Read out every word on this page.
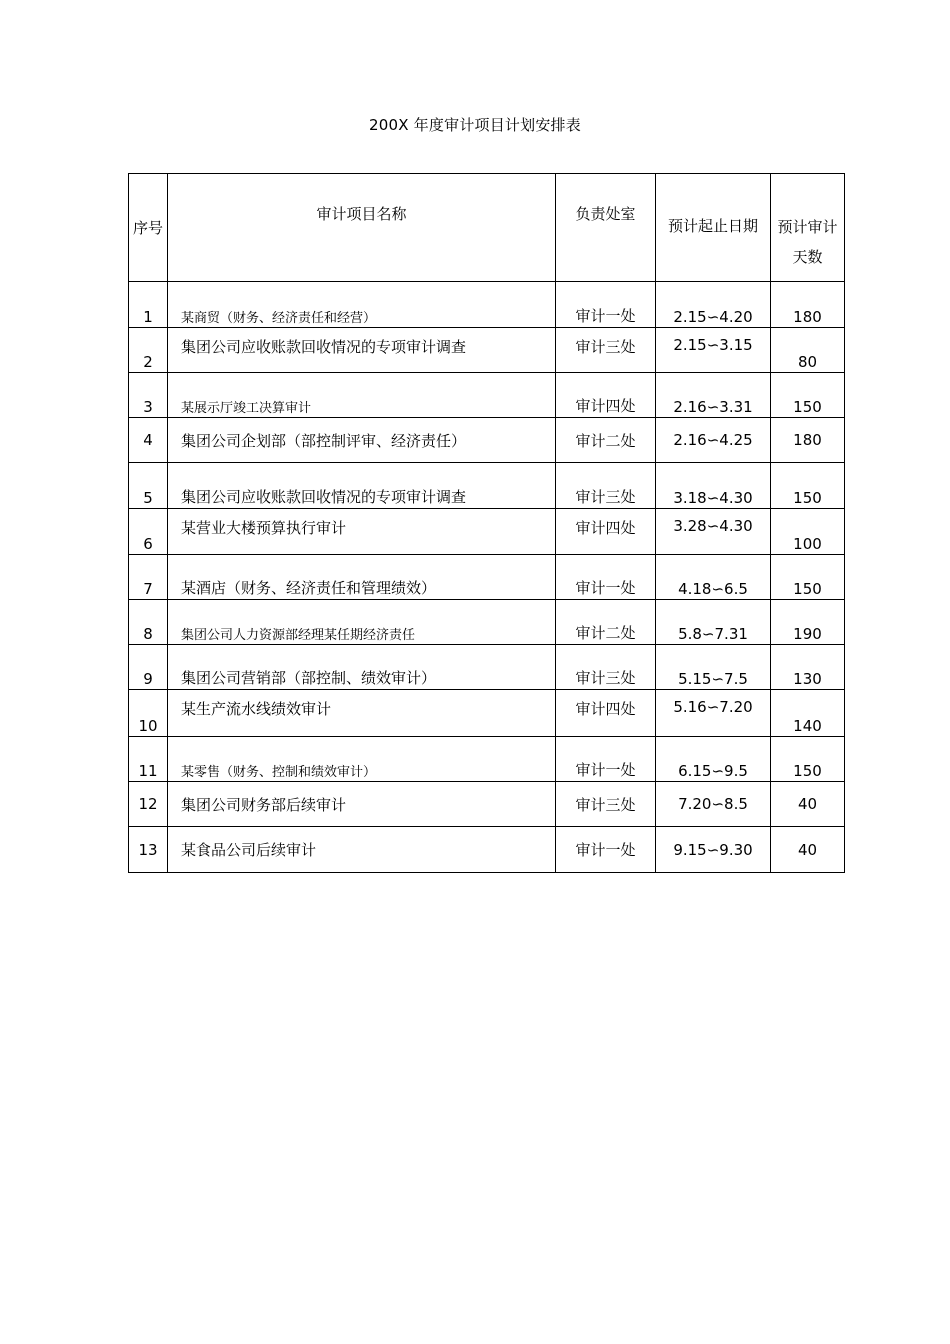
200X 年度审计项目计划安排表
序号	审计项目名称	负责处室	预计起止日期	预计审计天数
1	某商贸（财务、经济责任和经营）	审计一处	2.15∽4.20	180
2	集团公司应收账款回收情况的专项审计调查	审计三处	2.15∽3.15	80
3	某展示厅竣工决算审计	审计四处	2.16∽3.31	150
4	集团公司企划部（部控制评审、经济责任）	审计二处	2.16∽4.25	180
5	集团公司应收账款回收情况的专项审计调查	审计三处	3.18∽4.30	150
6	某营业大楼预算执行审计	审计四处	3.28∽4.30	100
7	某酒店（财务、经济责任和管理绩效）	审计一处	4.18∽6.5	150
8	集团公司人力资源部经理某任期经济责任	审计二处	5.8∽7.31	190
9	集团公司营销部（部控制、绩效审计）	审计三处	5.15∽7.5	130
10	某生产流水线绩效审计	审计四处	5.16∽7.20	140
11	某零售（财务、控制和绩效审计）	审计一处	6.15∽9.5	150
12	集团公司财务部后续审计	审计三处	7.20∽8.5	40
13	某食品公司后续审计	审计一处	9.15∽9.30	40
